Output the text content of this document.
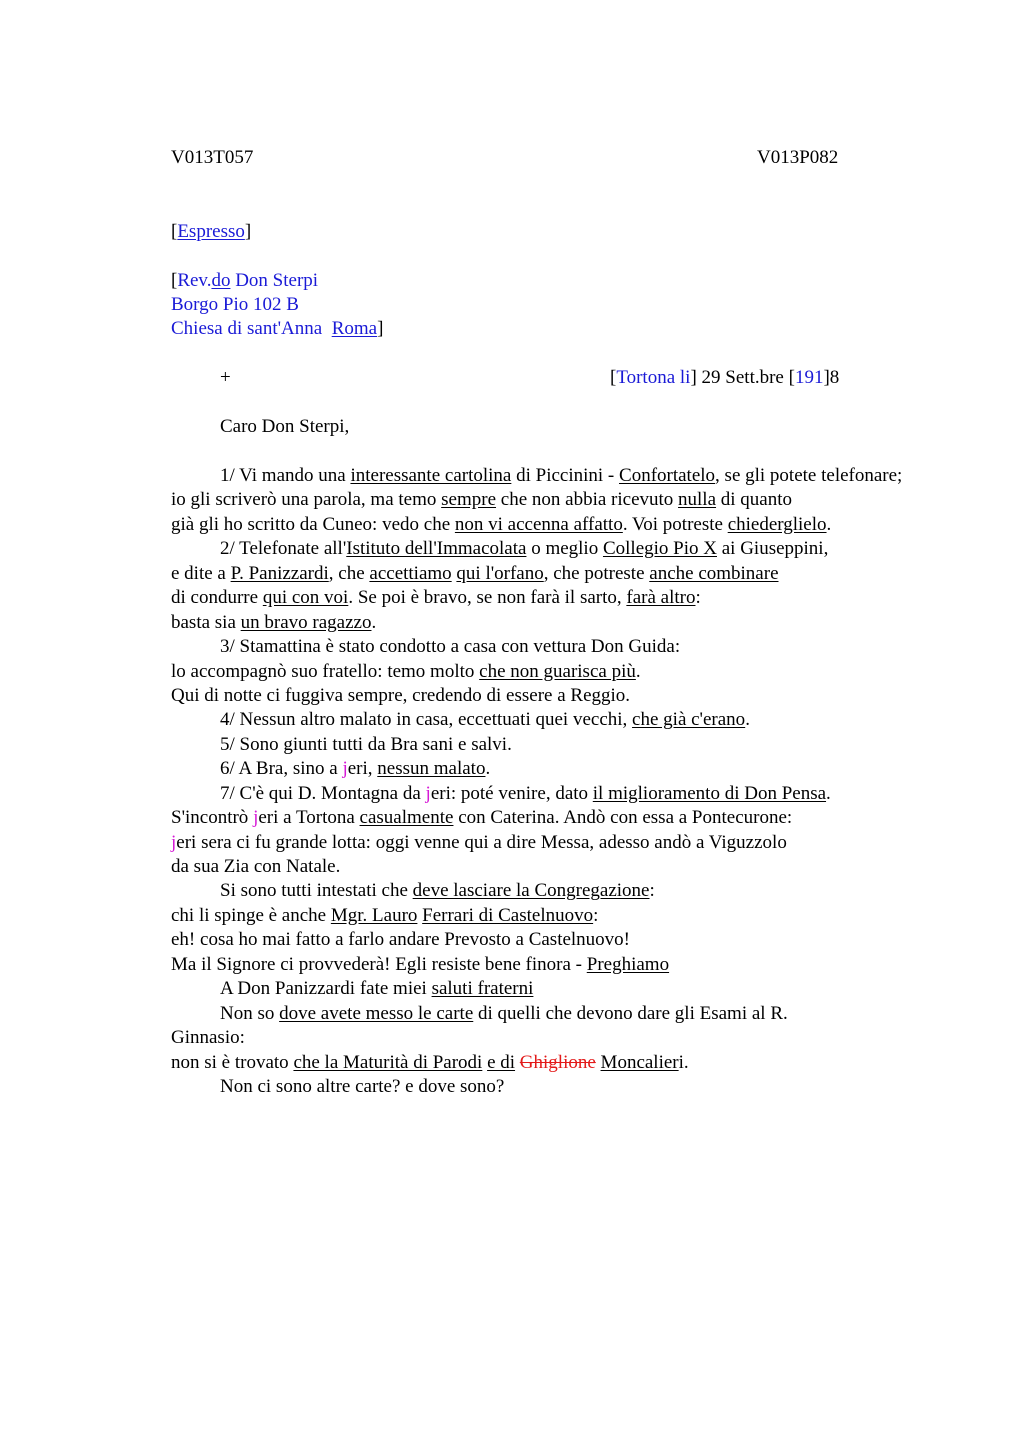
V013T057	V013P082
[Espresso]
[Rev.do Don Sterpi
Borgo Pio 102 B
Chiesa di sant'Anna  Roma]
+	[Tortona li] 29 Sett.bre [191]8
Caro Don Sterpi,
1/ Vi mando una interessante cartolina di Piccinini - Confortatelo, se gli potete telefonare;
io gli scriverò una parola, ma temo sempre che non abbia ricevuto nulla di quanto
già gli ho scritto da Cuneo: vedo che non vi accenna affatto. Voi potreste chiederglielo.
2/ Telefonate all'Istituto dell'Immacolata o meglio Collegio Pio X ai Giuseppini,
e dite a P. Panizzardi, che accettiamo qui l'orfano, che potreste anche combinare
di condurre qui con voi. Se poi è bravo, se non farà il sarto, farà altro:
basta sia un bravo ragazzo.
3/ Stamattina è stato condotto a casa con vettura Don Guida:
lo accompagnò suo fratello: temo molto che non guarisca più.
Qui di notte ci fuggiva sempre, credendo di essere a Reggio.
4/ Nessun altro malato in casa, eccettuati quei vecchi, che già c'erano.
5/ Sono giunti tutti da Bra sani e salvi.
6/ A Bra, sino a jeri, nessun malato.
7/ C'è qui D. Montagna da jeri: poté venire, dato il miglioramento di Don Pensa.
S'incontrò jeri a Tortona casualmente con Caterina. Andò con essa a Pontecurone:
jeri sera ci fu grande lotta: oggi venne qui a dire Messa, adesso andò a Viguzzolo
da sua Zia con Natale.
Si sono tutti intestati che deve lasciare la Congregazione:
chi li spinge è anche Mgr. Lauro Ferrari di Castelnuovo:
eh! cosa ho mai fatto a farlo andare Prevosto a Castelnuovo!
Ma il Signore ci provvederà! Egli resiste bene finora - Preghiamo
A Don Panizzardi fate miei saluti fraterni
Non so dove avete messo le carte di quelli che devono dare gli Esami al R.
Ginnasio:
non si è trovato che la Maturità di Parodi e di Ghiglione Moncalieri.
Non ci sono altre carte? e dove sono?
